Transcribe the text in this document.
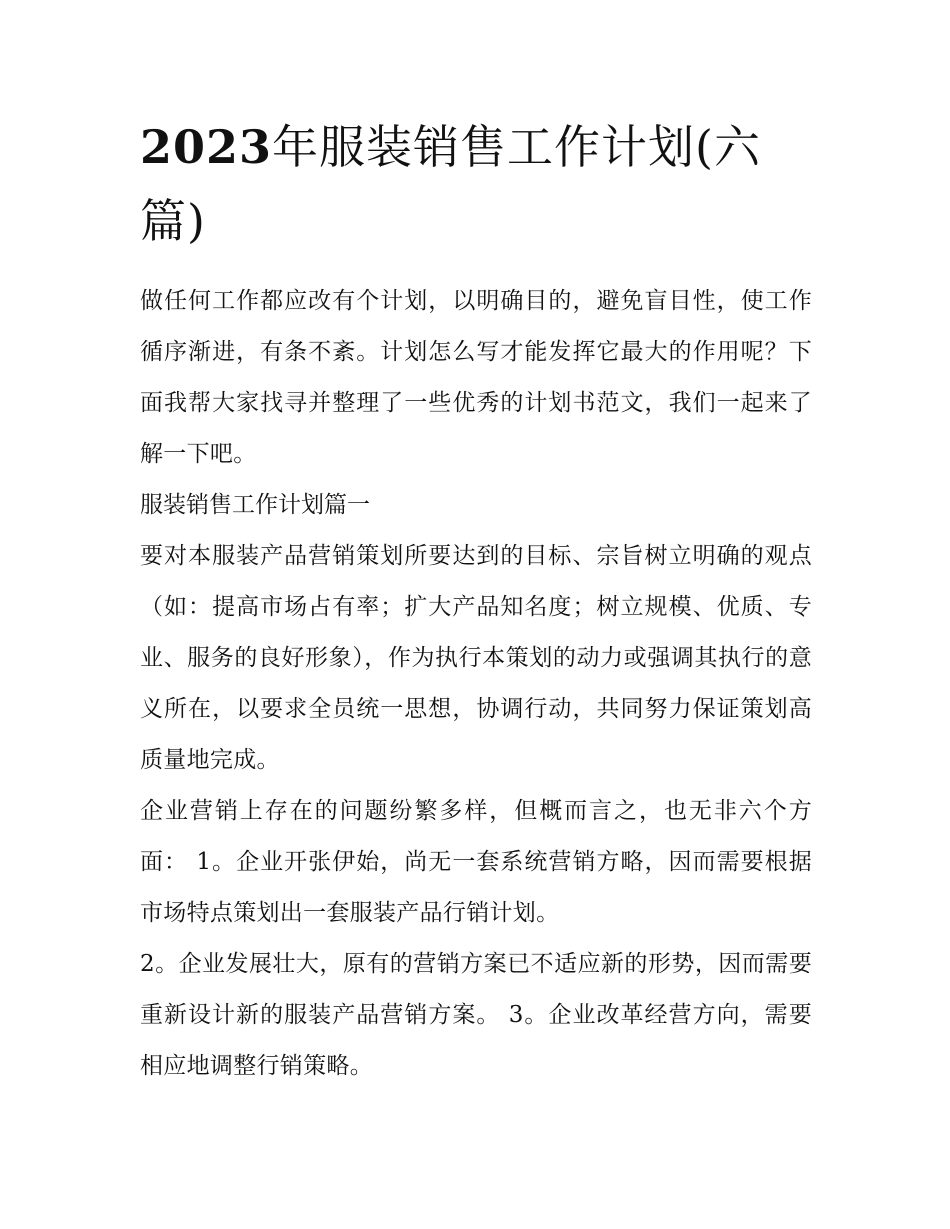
2023年服装销售工作计划(六篇)

做任何工作都应改有个计划，以明确目的，避免盲目性，使工作循序渐进，有条不紊。计划怎么写才能发挥它最大的作用呢？下面我帮大家找寻并整理了一些优秀的计划书范文，我们一起来了解一下吧。

服装销售工作计划篇一

要对本服装产品营销策划所要达到的目标、宗旨树立明确的观点（如：提高市场占有率；扩大产品知名度；树立规模、优质、专业、服务的良好形象），作为执行本策划的动力或强调其执行的意义所在，以要求全员统一思想，协调行动，共同努力保证策划高质量地完成。

企业营销上存在的问题纷繁多样，但概而言之，也无非六个方面： 1。企业开张伊始，尚无一套系统营销方略，因而需要根据市场特点策划出一套服装产品行销计划。

2。企业发展壮大，原有的营销方案已不适应新的形势，因而需要重新设计新的服装产品营销方案。 3。企业改革经营方向，需要相应地调整行销策略。
